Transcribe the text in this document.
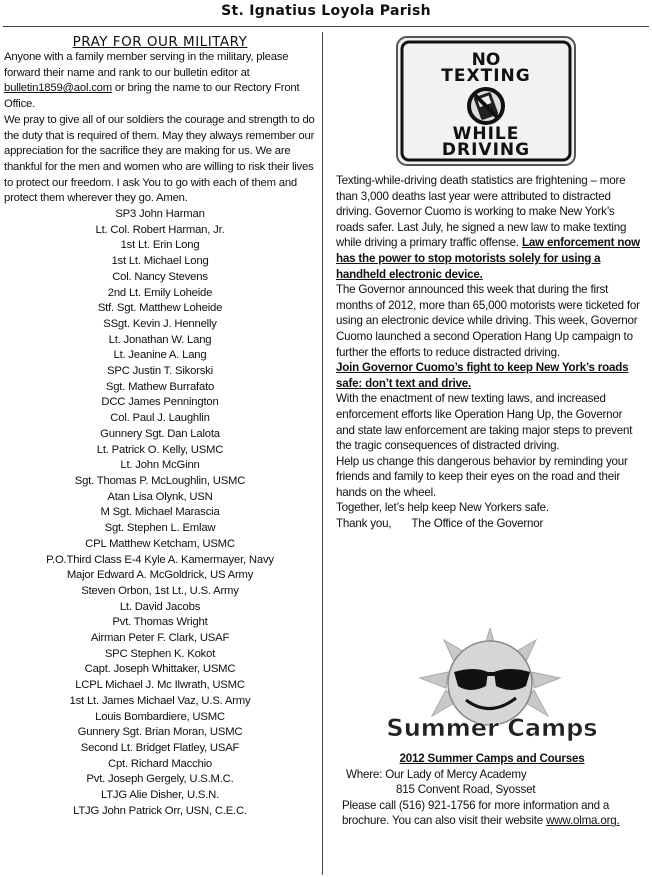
St. Ignatius Loyola Parish
PRAY FOR OUR MILITARY

Anyone with a family member serving in the military, please forward their name and rank to our bulletin editor at bulletin1859@aol.com or bring the name to our Rectory Front Office.

We pray to give all of our soldiers the courage and strength to do the duty that is required of them. May they always remember our appreciation for the sacrifice they are making for us. We are thankful for the men and women who are willing to risk their lives to protect our freedom. I ask You to go with each of them and protect them wherever they go. Amen.

SP3 John Harman
Lt. Col. Robert Harman, Jr.
1st Lt. Erin Long
1st Lt. Michael Long
Col. Nancy Stevens
2nd Lt. Emily Loheide
Stf. Sgt. Matthew Loheide
SSgt. Kevin J. Hennelly
Lt. Jonathan W. Lang
Lt. Jeanine A. Lang
SPC Justin T. Sikorski
Sgt. Mathew Burrafato
DCC James Pennington
Col. Paul J. Laughlin
Gunnery Sgt. Dan Lalota
Lt. Patrick O. Kelly, USMC
Lt. John McGinn
Sgt. Thomas P. McLoughlin, USMC
Atan Lisa Olynk, USN
M Sgt. Michael Marascia
Sgt. Stephen L. Emlaw
CPL Matthew Ketcham, USMC
P.O.Third Class E-4 Kyle A. Kamermayer, Navy
Major Edward A. McGoldrick, US Army
Steven Orbon, 1st Lt., U.S. Army
Lt. David Jacobs
Pvt. Thomas Wright
Airman Peter F. Clark, USAF
SPC Stephen K. Kokot
Capt. Joseph Whittaker, USMC
LCPL Michael J. Mc Ilwrath, USMC
1st Lt. James Michael Vaz, U.S. Army
Louis Bombardiere, USMC
Gunnery Sgt. Brian Moran, USMC
Second Lt. Bridget Flatley, USAF
Cpt. Richard Macchio
Pvt. Joseph Gergely, U.S.M.C.
LTJG Alie Disher, U.S.N.
LTJG John Patrick Orr, USN, C.E.C.
NO
TEXTING
WHILE
DRIVING

Texting-while-driving death statistics are frightening – more than 3,000 deaths last year were attributed to distracted driving. Governor Cuomo is working to make New York’s roads safer. Last July, he signed a new law to make texting while driving a primary traffic offense. Law enforcement now has the power to stop motorists solely for using a handheld electronic device.

The Governor announced this week that during the first months of 2012, more than 65,000 motorists were ticketed for using an electronic device while driving. This week, Governor Cuomo launched a second Operation Hang Up campaign to further the efforts to reduce distracted driving.

Join Governor Cuomo’s fight to keep New York’s roads safe: don’t text and drive.

With the enactment of new texting laws, and increased enforcement efforts like Operation Hang Up, the Governor and state law enforcement are taking major steps to prevent the tragic consequences of distracted driving.

Help us change this dangerous behavior by reminding your friends and family to keep their eyes on the road and their hands on the wheel.

Together, let’s help keep New Yorkers safe.

Thank you, The Office of the Governor

Summer Camps

2012 Summer Camps and Courses

Where: Our Lady of Mercy Academy

815 Convent Road, Syosset

Please call (516) 921-1756 for more information and a brochure. You can also visit their website www.olma.org.
